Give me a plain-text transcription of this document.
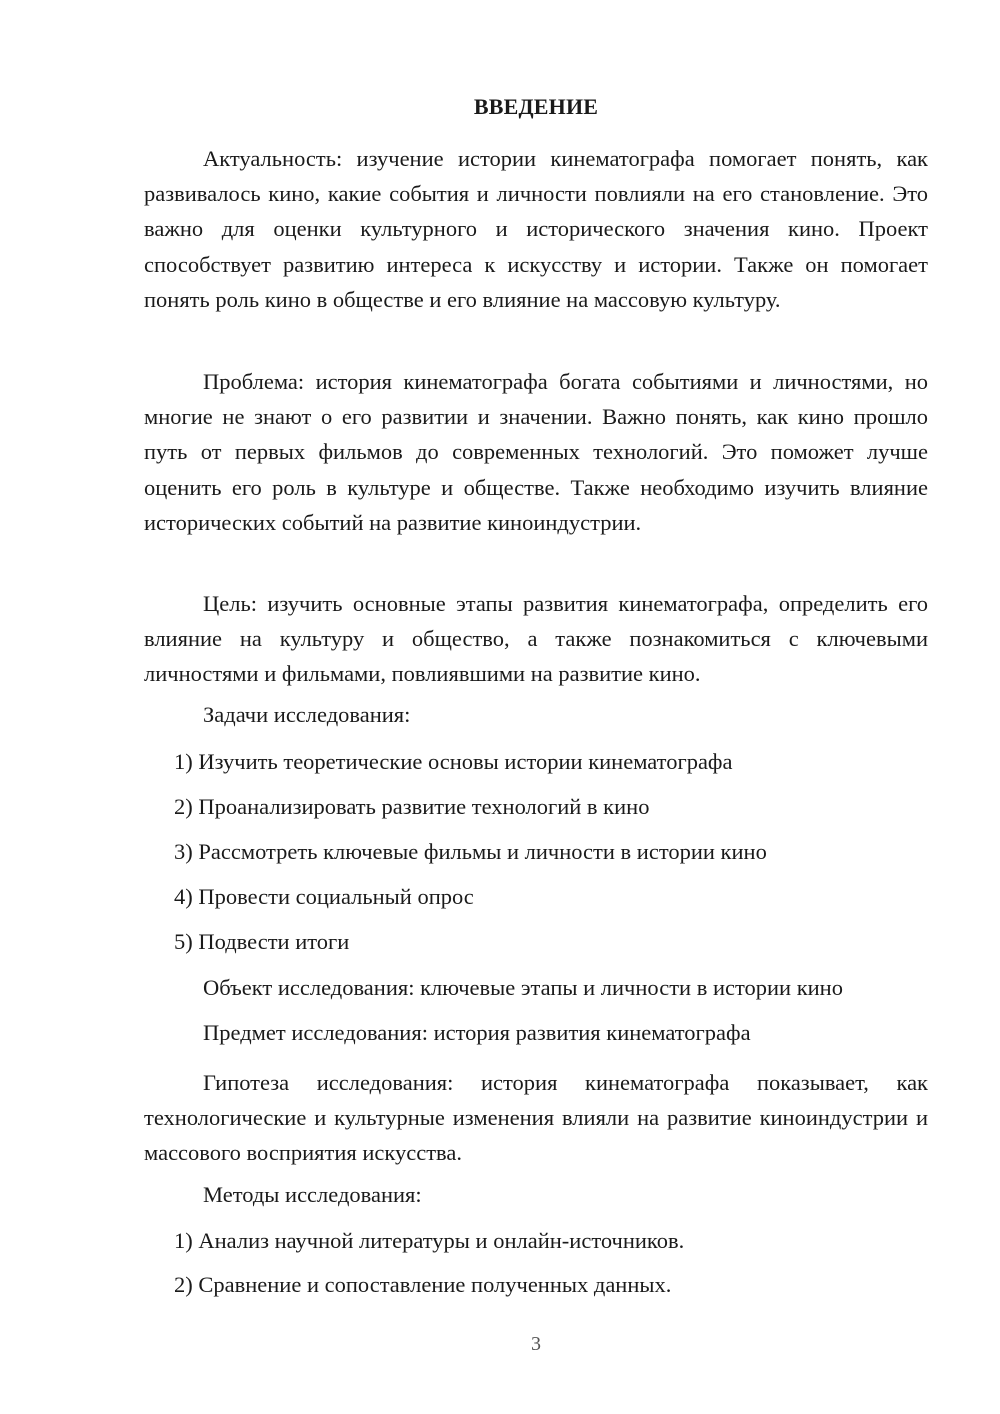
ВВЕДЕНИЕ
Актуальность: изучение истории кинематографа помогает понять, как развивалось кино, какие события и личности повлияли на его становление. Это важно для оценки культурного и исторического значения кино. Проект способствует развитию интереса к искусству и истории. Также он помогает понять роль кино в обществе и его влияние на массовую культуру.
Проблема: история кинематографа богата событиями и личностями, но многие не знают о его развитии и значении. Важно понять, как кино прошло путь от первых фильмов до современных технологий. Это поможет лучше оценить его роль в культуре и обществе. Также необходимо изучить влияние исторических событий на развитие киноиндустрии.
Цель: изучить основные этапы развития кинематографа, определить его влияние на культуру и общество, а также познакомиться с ключевыми личностями и фильмами, повлиявшими на развитие кино.
Задачи исследования:
1) Изучить теоретические основы истории кинематографа
2) Проанализировать развитие технологий в кино
3) Рассмотреть ключевые фильмы и личности в истории кино
4) Провести социальный опрос
5) Подвести итоги
Объект исследования: ключевые этапы и личности в истории кино
Предмет исследования: история развития кинематографа
Гипотеза исследования: история кинематографа показывает, как технологические и культурные изменения влияли на развитие киноиндустрии и массового восприятия искусства.
Методы исследования:
1) Анализ научной литературы и онлайн-источников.
2) Сравнение и сопоставление полученных данных.
3
